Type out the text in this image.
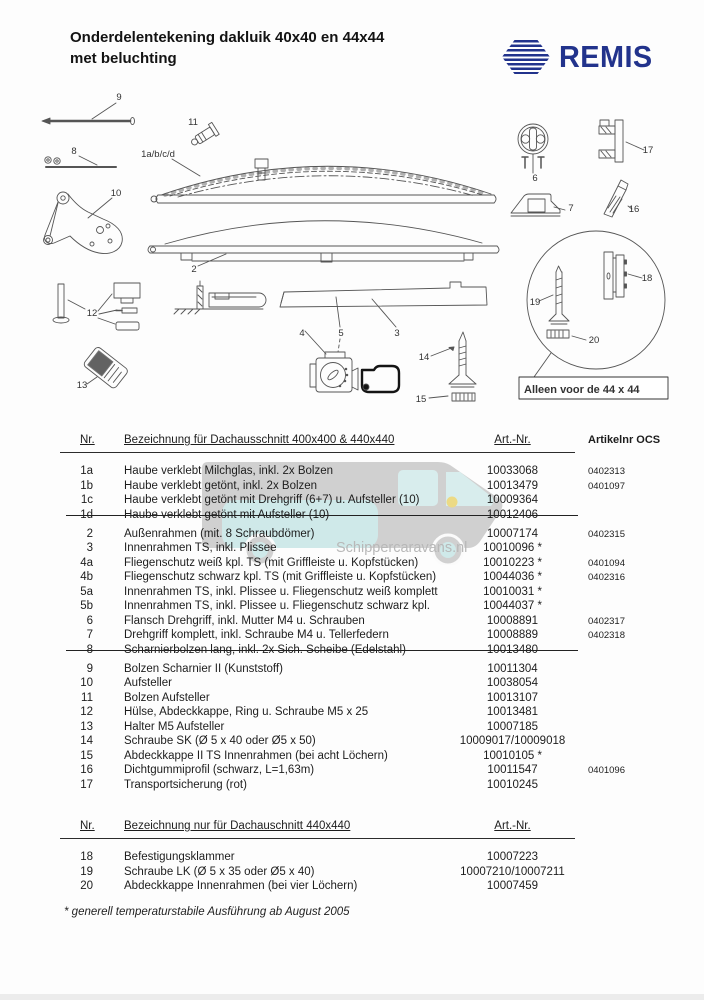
Onderdelentekening dakluik 40x40 en 44x44
met beluchting	REMIS
Schippercaravans.nl
9
8
10
11
1a/b/c/d
2
12
13
4	5	3
14
15
6
7
17
16
19
18
20
Alleen voor de 44 x 44
Nr.	Bezeichnung für Dachausschnitt 400x400 & 440x440	Art.-Nr.	Artikelnr OCS
1a	Haube verklebt Milchglas, inkl. 2x Bolzen	10033068	0402313
1b	Haube verklebt getönt, inkl. 2x Bolzen	10013479	0401097
1c	Haube verklebt getönt mit Drehgriff (6+7) u. Aufsteller (10)	10009364
1d	Haube verklebt getönt mit Aufsteller (10)	10012406
2	Außenrahmen (mit. 8 Schraubdömer)	10007174	0402315
3	Innenrahmen TS, inkl. Plissee	10010096 *
4a	Fliegenschutz weiß kpl. TS (mit Griffleiste u. Kopfstücken)	10010223 *	0401094
4b	Fliegenschutz schwarz kpl. TS (mit Griffleiste u. Kopfstücken)	10044036 *	0402316
5a	Innenrahmen TS, inkl. Plissee u. Fliegenschutz weiß komplett	10010031 *
5b	Innenrahmen TS, inkl. Plissee u. Fliegenschutz schwarz kpl.	10044037 *
6	Flansch Drehgriff, inkl. Mutter M4 u. Schrauben	10008891	0402317
7	Drehgriff komplett, inkl. Schraube M4 u. Tellerfedern	10008889	0402318
8	Scharnierbolzen lang, inkl. 2x Sich. Scheibe (Edelstahl)	10013480
9	Bolzen Scharnier II (Kunststoff)	10011304
10	Aufsteller	10038054
11	Bolzen Aufsteller	10013107
12	Hülse, Abdeckkappe, Ring u. Schraube M5 x 25	10013481
13	Halter M5 Aufsteller	10007185
14	Schraube SK (Ø 5 x 40 oder Ø5 x 50)	10009017/10009018
15	Abdeckkappe II TS Innenrahmen (bei acht Löchern)	10010105 *
16	Dichtgummiprofil (schwarz, L=1,63m)	10011547	0401096
17	Transportsicherung (rot)	10010245
Nr.	Bezeichnung nur für Dachauschnitt 440x440	Art.-Nr.
18	Befestigungsklammer	10007223
19	Schraube LK (Ø 5 x 35 oder Ø5 x 40)	10007210/10007211
20	Abdeckkappe Innenrahmen (bei vier Löchern)	10007459
* generell temperaturstabile Ausführung ab August 2005
